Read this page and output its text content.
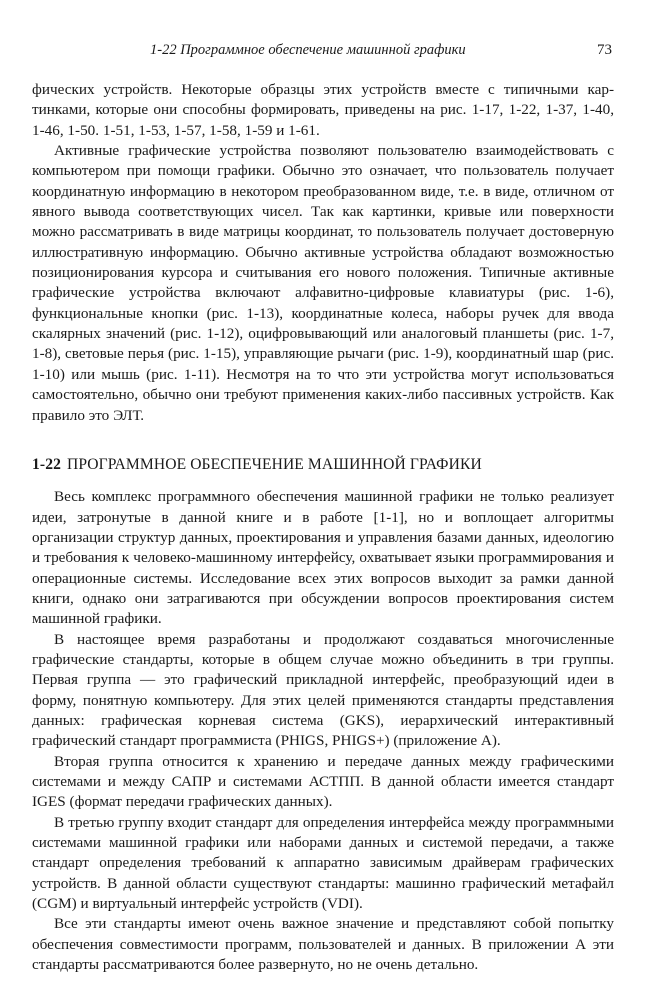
1-22 Программное обеспечение машинной графики	73

фических устройств. Некоторые образцы этих устройств вместе с типичными картинками, которые они способны формировать, приведены на рис. 1-17, 1-22, 1-37, 1-40, 1-46, 1-50. 1-51, 1-53, 1-57, 1-58, 1-59 и 1-61.

Активные графические устройства позволяют пользователю взаимодействовать с компьютером при помощи графики. Обычно это означает, что пользователь получает координатную информацию в некотором преобразованном виде, т.е. в виде, отличном от явного вывода соответствующих чисел. Так как картинки, кривые или поверхности можно рассматривать в виде матрицы координат, то пользователь получает достоверную иллюстративную информацию. Обычно активные устройства обладают возможностью позиционирования курсора и считывания его нового положения. Типичные активные графические устройства включают алфавитно-цифровые клавиатуры (рис. 1-6), функциональные кнопки (рис. 1-13), координатные колеса, наборы ручек для ввода скалярных значений (рис. 1-12), оцифровывающий или аналоговый планшеты (рис. 1-7, 1-8), световые перья (рис. 1-15), управляющие рычаги (рис. 1-9), координатный шар (рис. 1-10) или мышь (рис. 1-11). Несмотря на то что эти устройства могут использоваться самостоятельно, обычно они требуют применения каких-либо пассивных устройств. Как правило это ЭЛТ.

1-22 ПРОГРАММНОЕ ОБЕСПЕЧЕНИЕ МАШИННОЙ ГРАФИКИ

Весь комплекс программного обеспечения машинной графики не только реализует идеи, затронутые в данной книге и в работе [1-1], но и воплощает алгоритмы организации структур данных, проектирования и управления базами данных, идеологию и требования к человеко-машинному интерфейсу, охватывает языки программирования и операционные системы. Исследование всех этих вопросов выходит за рамки данной книги, однако они затрагиваются при обсуждении вопросов проектирования систем машинной графики.

В настоящее время разработаны и продолжают создаваться многочисленные графические стандарты, которые в общем случае можно объединить в три группы. Первая группа — это графический прикладной интерфейс, преобразующий идеи в форму, понятную компьютеру. Для этих целей применяются стандарты представления данных: графическая корневая система (GKS), иерархический интерактивный графический стандарт программиста (PHIGS, PHIGS+) (приложение А).

Вторая группа относится к хранению и передаче данных между графическими системами и между САПР и системами АСТПП. В данной области имеется стандарт IGES (формат передачи графических данных).

В третью группу входит стандарт для определения интерфейса между программными системами машинной графики или наборами данных и системой передачи, а также стандарт определения требований к аппаратно зависимым драйверам графических устройств. В данной области существуют стандарты: машинно графический метафайл (CGM) и виртуальный интерфейс устройств (VDI).

Все эти стандарты имеют очень важное значение и представляют собой попытку обеспечения совместимости программ, пользователей и данных. В приложении А эти стандарты рассматриваются более развернуто, но не очень детально.
